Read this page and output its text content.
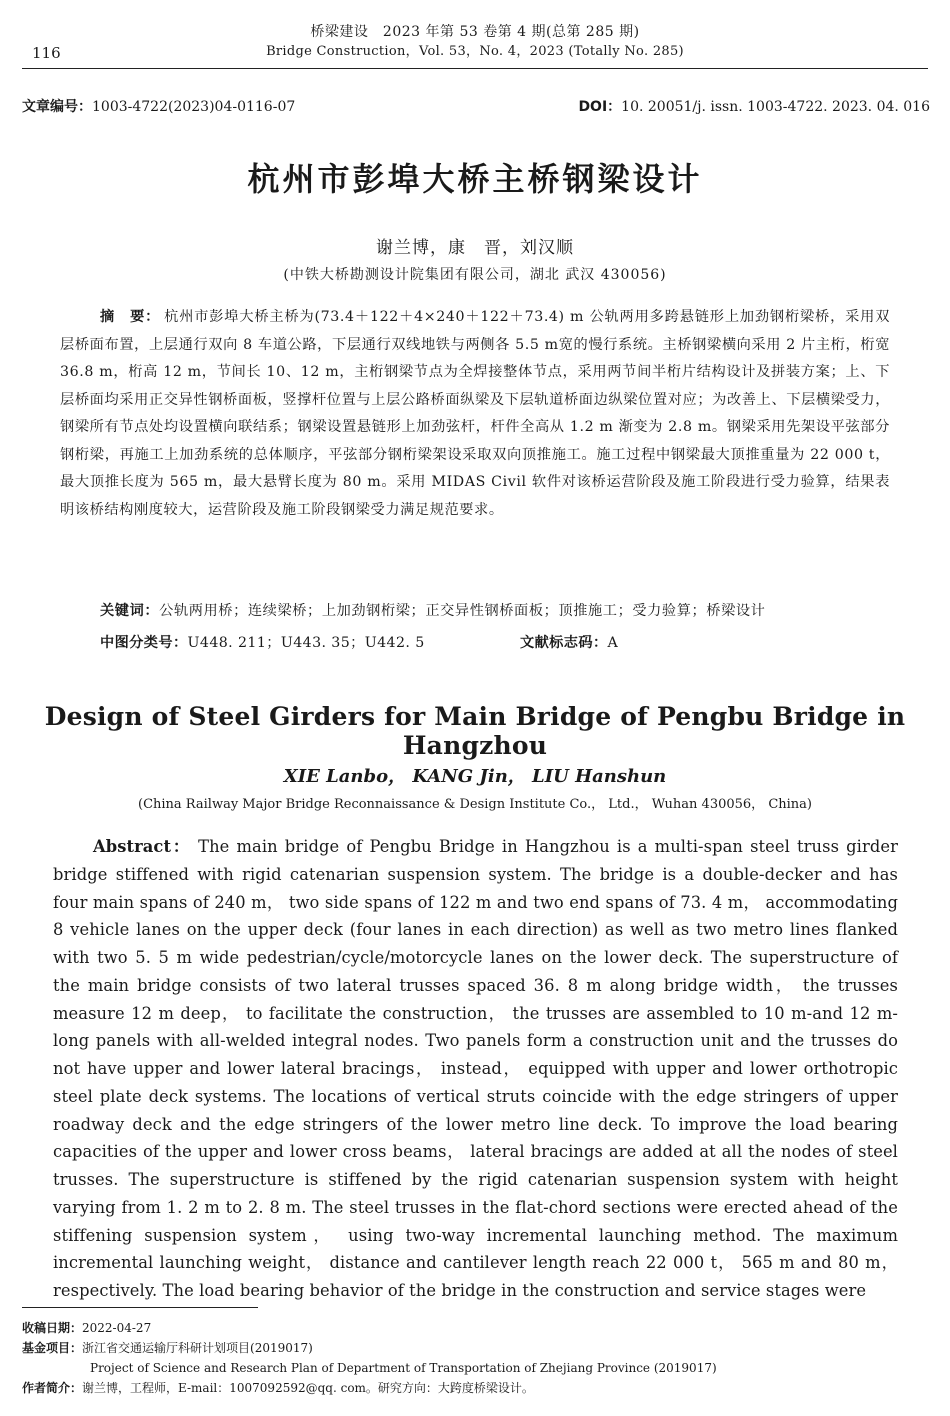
116
桥梁建设　2023 年第 53 卷第 4 期(总第 285 期)
Bridge Construction，Vol. 53，No. 4，2023 (Totally No. 285)
文章编号：1003-4722(2023)04-0116-07	DOI：10. 20051/j. issn. 1003-4722. 2023. 04. 016
杭州市彭埠大桥主桥钢梁设计
谢兰博，康　晋，刘汉顺
(中铁大桥勘测设计院集团有限公司，湖北 武汉 430056)
摘　要： 杭州市彭埠大桥主桥为(73.4＋122＋4×240＋122＋73.4) m 公轨两用多跨悬链形上加劲钢桁梁桥，采用双层桥面布置，上层通行双向 8 车道公路，下层通行双线地铁与两侧各 5.5 m宽的慢行系统。主桥钢梁横向采用 2 片主桁，桁宽 36.8 m，桁高 12 m，节间长 10、12 m，主桁钢梁节点为全焊接整体节点，采用两节间半桁片结构设计及拼装方案；上、下层桥面均采用正交异性钢桥面板，竖撑杆位置与上层公路桥面纵梁及下层轨道桥面边纵梁位置对应；为改善上、下层横梁受力，钢梁所有节点处均设置横向联结系；钢梁设置悬链形上加劲弦杆，杆件全高从 1.2 m 渐变为 2.8 m。钢梁采用先架设平弦部分钢桁梁，再施工上加劲系统的总体顺序，平弦部分钢桁梁架设采取双向顶推施工。施工过程中钢梁最大顶推重量为 22 000 t，最大顶推长度为 565 m，最大悬臂长度为 80 m。采用 MIDAS Civil 软件对该桥运营阶段及施工阶段进行受力验算，结果表明该桥结构刚度较大，运营阶段及施工阶段钢梁受力满足规范要求。
关键词：公轨两用桥；连续梁桥；上加劲钢桁梁；正交异性钢桥面板；顶推施工；受力验算；桥梁设计
中图分类号：U448. 211；U443. 35；U442. 5	文献标志码：A
Design of Steel Girders for Main Bridge of Pengbu Bridge in Hangzhou
XIE Lanbo， KANG Jin， LIU Hanshun
(China Railway Major Bridge Reconnaissance & Design Institute Co.， Ltd.， Wuhan 430056， China)
Abstract： The main bridge of Pengbu Bridge in Hangzhou is a multi-span steel truss girder bridge stiffened with rigid catenarian suspension system. The bridge is a double-decker and has four main spans of 240 m， two side spans of 122 m and two end spans of 73. 4 m， accommodating 8 vehicle lanes on the upper deck (four lanes in each direction) as well as two metro lines flanked with two 5. 5 m wide pedestrian/cycle/motorcycle lanes on the lower deck. The superstructure of the main bridge consists of two lateral trusses spaced 36. 8 m along bridge width， the trusses measure 12 m deep， to facilitate the construction， the trusses are assembled to 10 m-and 12 m-long panels with all-welded integral nodes. Two panels form a construction unit and the trusses do not have upper and lower lateral bracings， instead， equipped with upper and lower orthotropic steel plate deck systems. The locations of vertical struts coincide with the edge stringers of upper roadway deck and the edge stringers of the lower metro line deck. To improve the load bearing capacities of the upper and lower cross beams， lateral bracings are added at all the nodes of steel trusses. The superstructure is stiffened by the rigid catenarian suspension system with height varying from 1. 2 m to 2. 8 m. The steel trusses in the flat-chord sections were erected ahead of the stiffening suspension system， using two-way incremental launching method. The maximum incremental launching weight， distance and cantilever length reach 22 000 t， 565 m and 80 m， respectively. The load bearing behavior of the bridge in the construction and service stages were
收稿日期：2022-04-27
基金项目：浙江省交通运输厅科研计划项目(2019017)
Project of Science and Research Plan of Department of Transportation of Zhejiang Province (2019017)
作者简介：谢兰博，工程师，E-mail：1007092592@qq. com。研究方向：大跨度桥梁设计。
